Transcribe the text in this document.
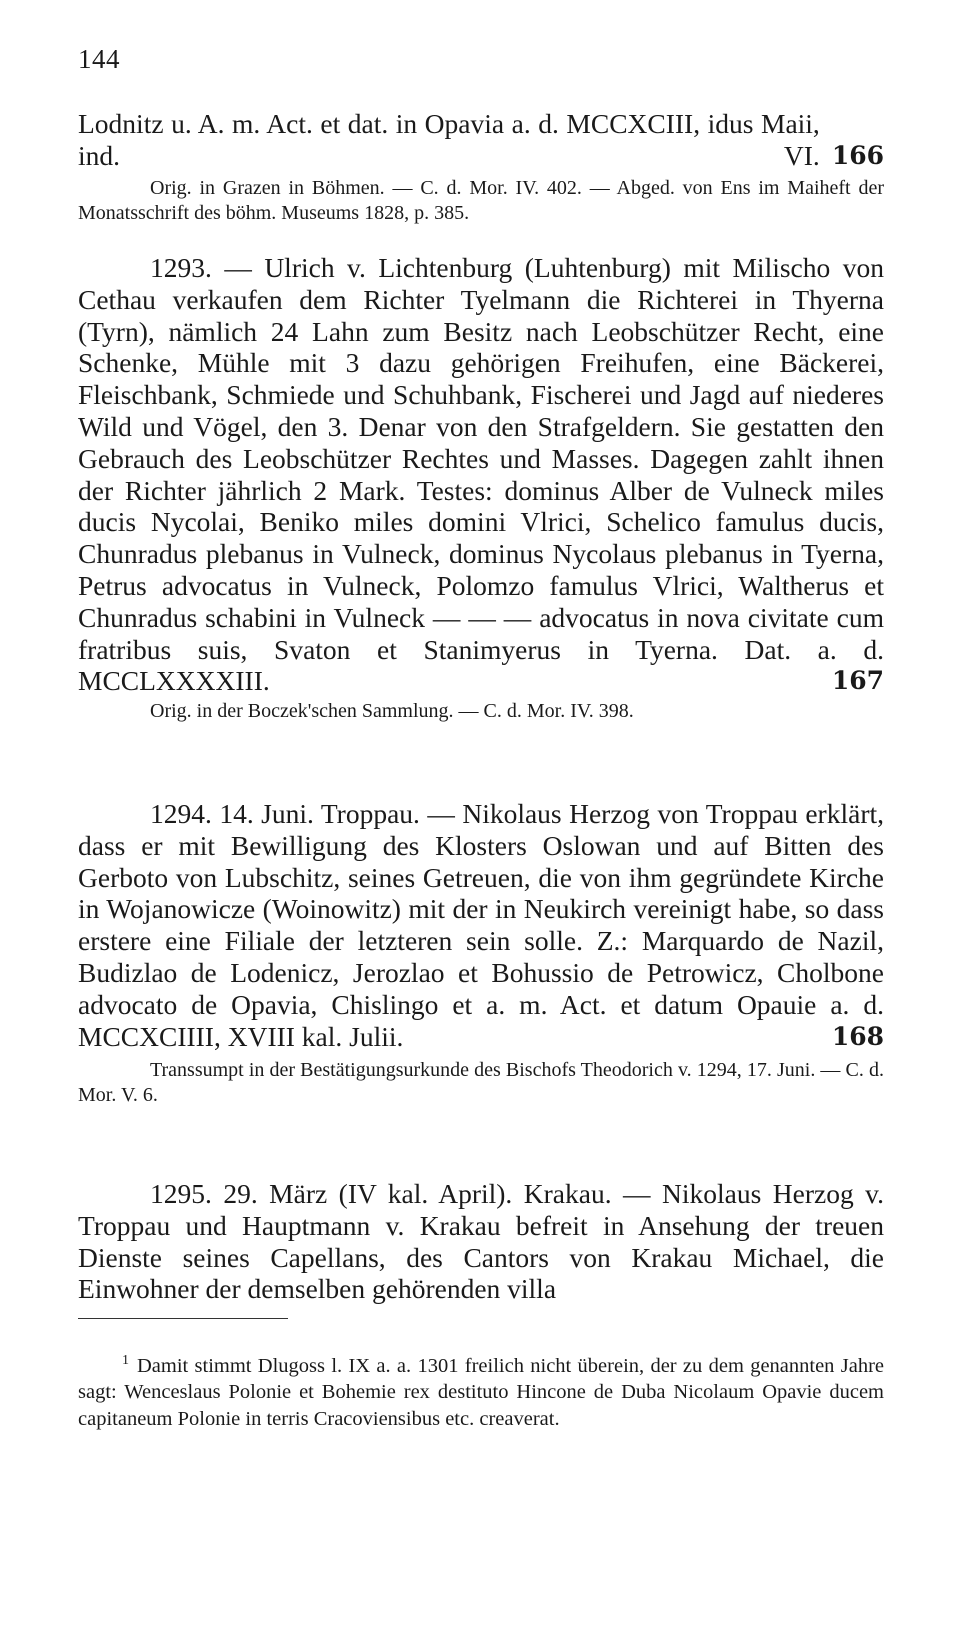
144

166
Lodnitz u. A. m. Act. et dat. in Opavia a. d. MCCXCIII, idus Maii, ind. VI.

Orig. in Grazen in Böhmen. — C. d. Mor. IV. 402. — Abged. von Ens im Maiheft der Monatsschrift des böhm. Museums 1828, p. 385.

1293. — Ulrich v. Lichtenburg (Luhtenburg) mit Milischo von Cethau verkaufen dem Richter Tyelmann die Richterei in Thyerna (Tyrn), nämlich 24 Lahn zum Besitz nach Leobschützer Recht, eine Schenke, Mühle mit 3 dazu gehörigen Freihufen, eine Bäckerei, Fleischbank, Schmiede und Schuhbank, Fischerei und Jagd auf niederes Wild und Vögel, den 3. Denar von den Strafgeldern. Sie gestatten den Gebrauch des Leobschützer Rechtes und Masses. Dagegen zahlt ihnen der Richter jährlich 2 Mark. Testes: dominus Alber de Vulneck miles ducis Nycolai, Beniko miles domini Vlrici, Schelico famulus ducis, Chunradus plebanus in Vulneck, dominus Nycolaus plebanus in Tyerna, Petrus advocatus in Vulneck, Polomzo famulus Vlrici, Waltherus et Chunradus schabini in Vulneck — — — advocatus in nova civitate cum fratribus suis, Svaton et Stanimyerus in Tyerna. Dat. a. d. MCCLXXXXIII.	167

Orig. in der Boczek'schen Sammlung. — C. d. Mor. IV. 398.

1294. 14. Juni. Troppau. — Nikolaus Herzog von Troppau erklärt, dass er mit Bewilligung des Klosters Oslowan und auf Bitten des Gerboto von Lubschitz, seines Getreuen, die von ihm gegründete Kirche in Wojanowicze (Woinowitz) mit der in Neukirch vereinigt habe, so dass erstere eine Filiale der letzteren sein solle. Z.: Marquardo de Nazil, Budizlao de Lodenicz, Jerozlao et Bohussio de Petrowicz, Cholbone advocato de Opavia, Chislingo et a. m. Act. et datum Opauie a. d. MCCXCIIII, XVIII kal. Julii.	168

Transsumpt in der Bestätigungsurkunde des Bischofs Theodorich v. 1294, 17. Juni. — C. d. Mor. V. 6.

1295. 29. März (IV kal. April). Krakau. — Nikolaus Herzog v. Troppau und Hauptmann v. Krakau befreit in Ansehung der treuen Dienste seines Capellans, des Cantors von Krakau Michael, die Einwohner der demselben gehörenden villa

$^1$ Damit stimmt Dlugoss l. IX a. a. 1301 freilich nicht überein, der zu dem genannten Jahre sagt: Wenceslaus Polonie et Bohemie rex destituto Hincone de Duba Nicolaum Opavie ducem capitaneum Polonie in terris Cracoviensibus etc. creaverat.
